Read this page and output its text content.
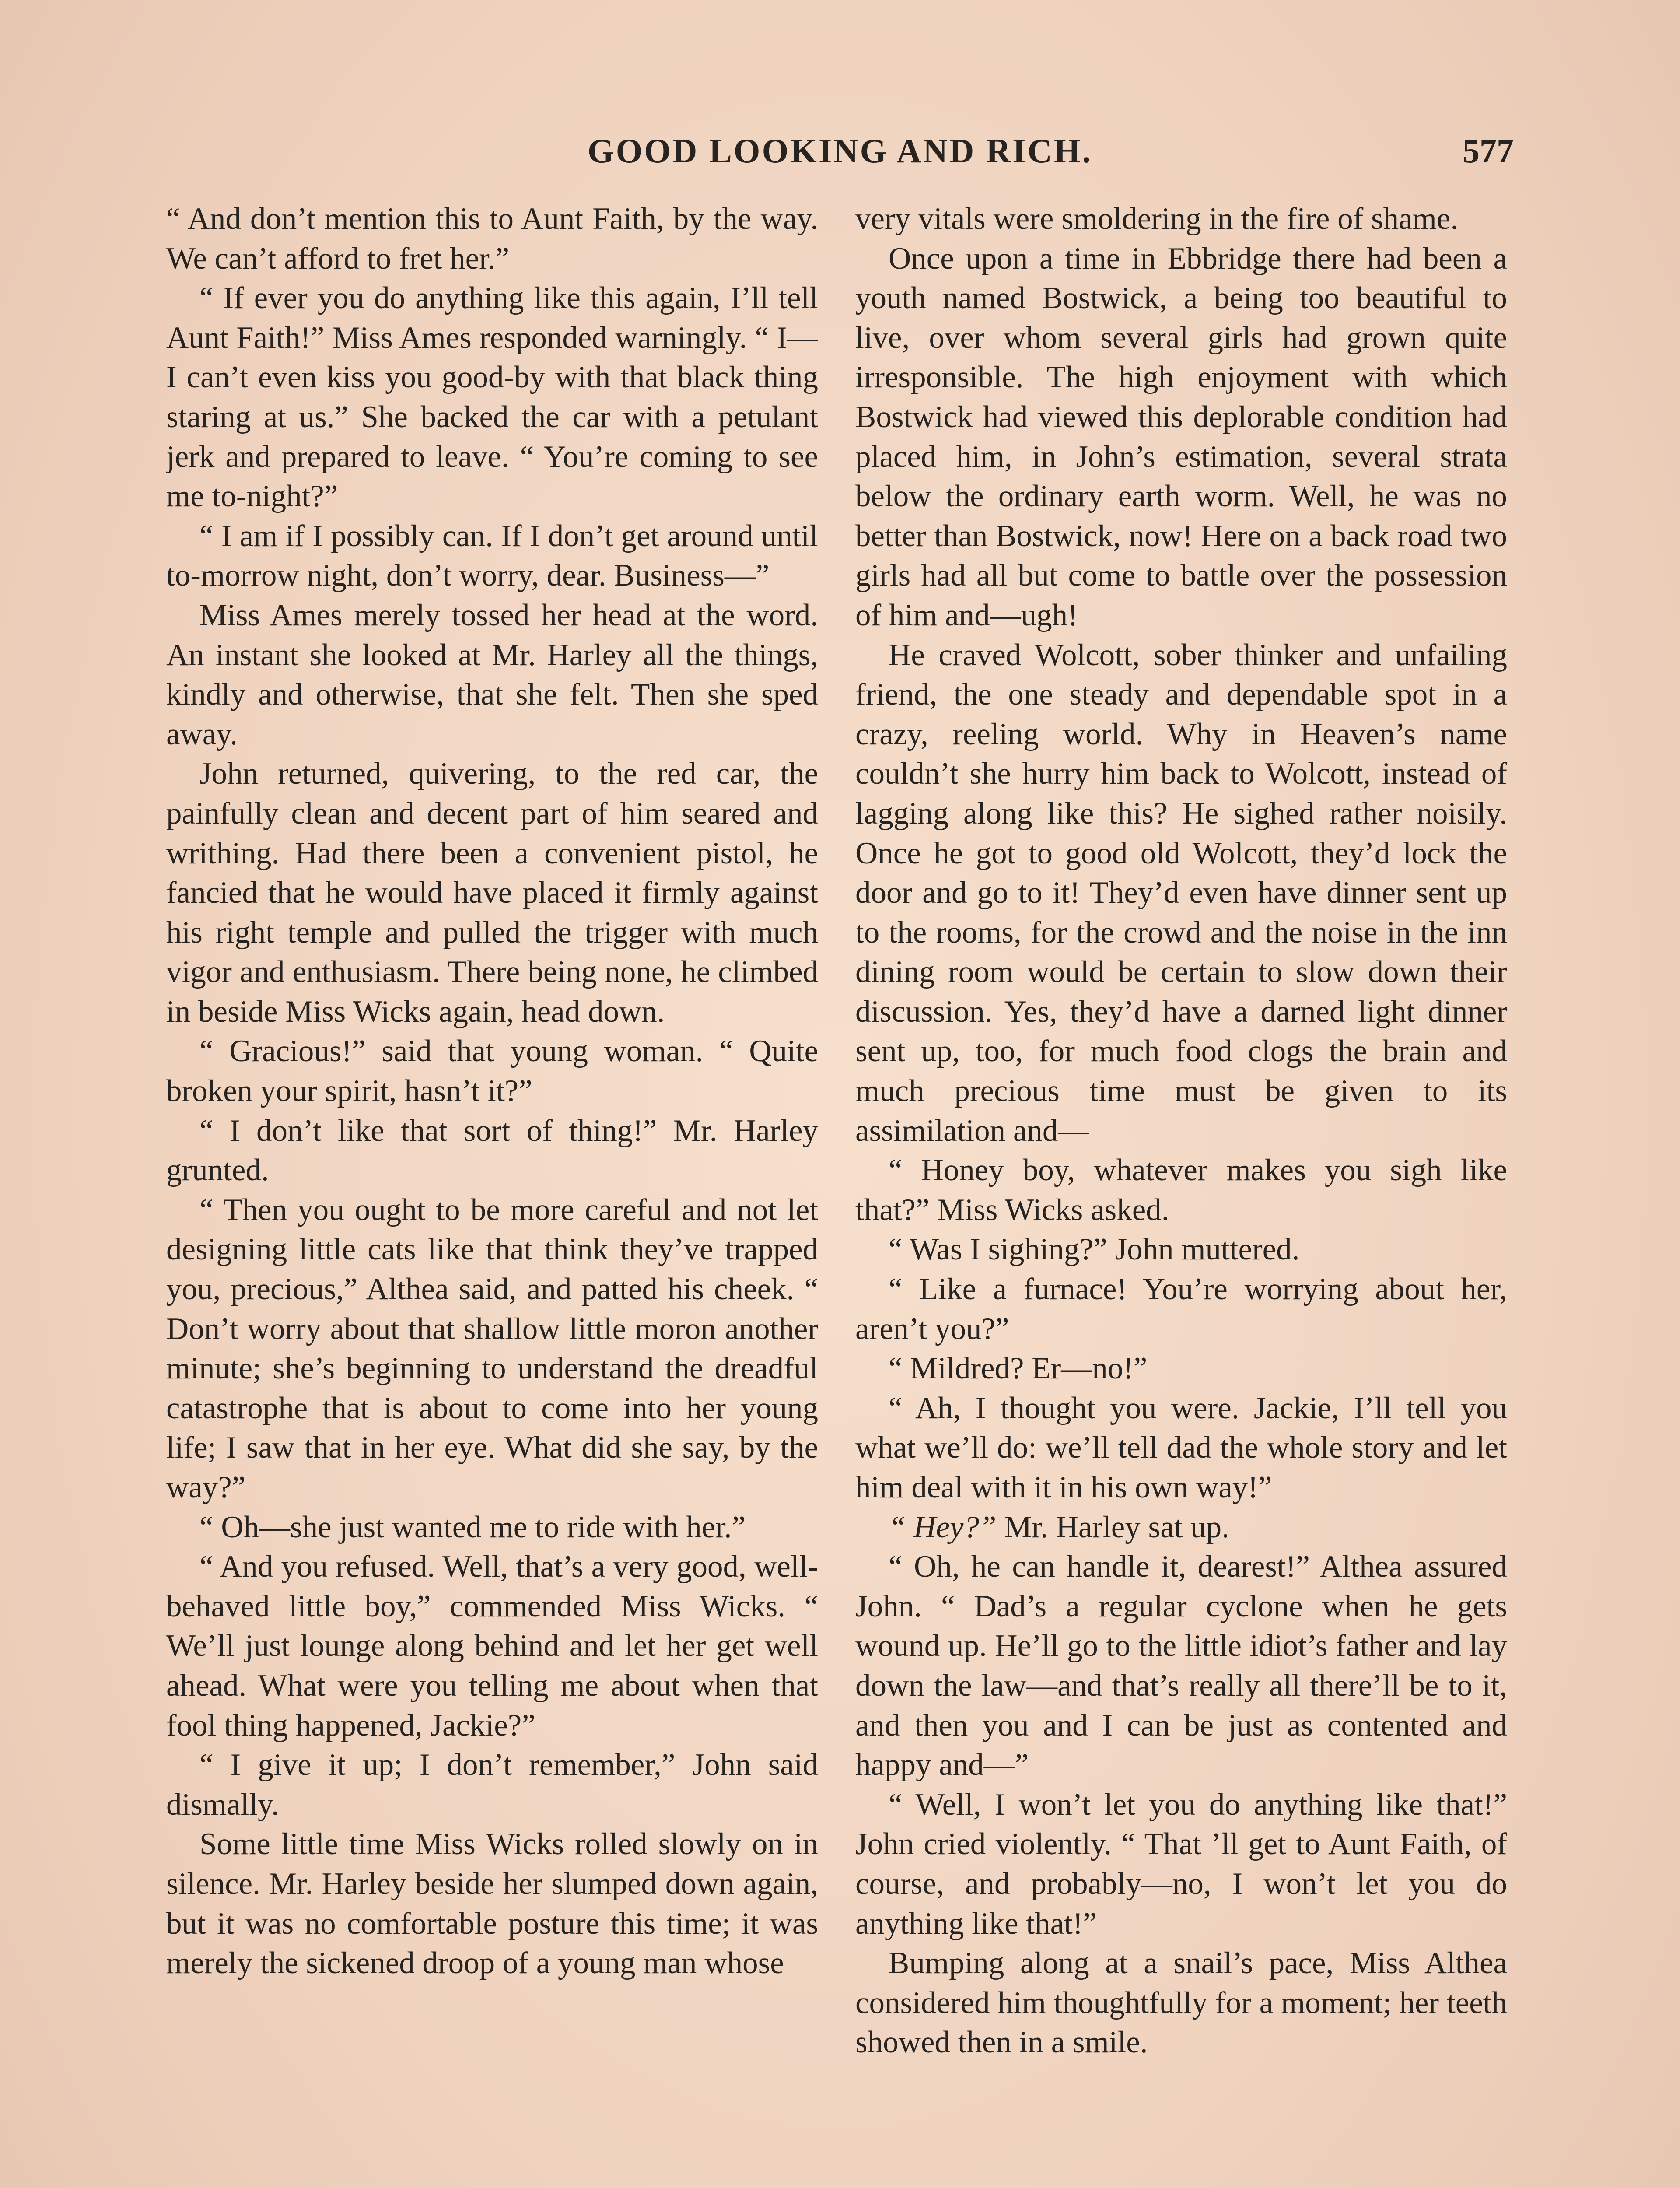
GOOD LOOKING AND RICH.	577

“ And don’t mention this to Aunt Faith, by the way. We can’t afford to fret her.”

“ If ever you do anything like this again, I’ll tell Aunt Faith!” Miss Ames responded warningly. “ I—I can’t even kiss you good-by with that black thing staring at us.” She backed the car with a petulant jerk and prepared to leave. “ You’re coming to see me to-night?”

“ I am if I possibly can. If I don’t get around until to-morrow night, don’t worry, dear. Business—”

Miss Ames merely tossed her head at the word. An instant she looked at Mr. Harley all the things, kindly and otherwise, that she felt. Then she sped away.

John returned, quivering, to the red car, the painfully clean and decent part of him seared and writhing. Had there been a convenient pistol, he fancied that he would have placed it firmly against his right temple and pulled the trigger with much vigor and enthusiasm. There being none, he climbed in beside Miss Wicks again, head down.

“ Gracious!” said that young woman. “ Quite broken your spirit, hasn’t it?”

“ I don’t like that sort of thing!” Mr. Harley grunted.

“ Then you ought to be more careful and not let designing little cats like that think they’ve trapped you, precious,” Althea said, and patted his cheek. “ Don’t worry about that shallow little moron another minute; she’s beginning to understand the dreadful catastrophe that is about to come into her young life; I saw that in her eye. What did she say, by the way?”

“ Oh—she just wanted me to ride with her.”

“ And you refused. Well, that’s a very good, well-behaved little boy,” commended Miss Wicks. “ We’ll just lounge along behind and let her get well ahead. What were you telling me about when that fool thing happened, Jackie?”

“ I give it up; I don’t remember,” John said dismally.

Some little time Miss Wicks rolled slowly on in silence. Mr. Harley beside her slumped down again, but it was no comfortable posture this time; it was merely the sickened droop of a young man whose

very vitals were smoldering in the fire of shame.

Once upon a time in Ebbridge there had been a youth named Bostwick, a being too beautiful to live, over whom several girls had grown quite irresponsible. The high enjoyment with which Bostwick had viewed this deplorable condition had placed him, in John’s estimation, several strata below the ordinary earth worm. Well, he was no better than Bostwick, now! Here on a back road two girls had all but come to battle over the possession of him and—ugh!

He craved Wolcott, sober thinker and unfailing friend, the one steady and dependable spot in a crazy, reeling world. Why in Heaven’s name couldn’t she hurry him back to Wolcott, instead of lagging along like this? He sighed rather noisily. Once he got to good old Wolcott, they’d lock the door and go to it! They’d even have dinner sent up to the rooms, for the crowd and the noise in the inn dining room would be certain to slow down their discussion. Yes, they’d have a darned light dinner sent up, too, for much food clogs the brain and much precious time must be given to its assimilation and—

“ Honey boy, whatever makes you sigh like that?” Miss Wicks asked.

“ Was I sighing?” John muttered.

“ Like a furnace! You’re worrying about her, aren’t you?”

“ Mildred? Er—no!”

“ Ah, I thought you were. Jackie, I’ll tell you what we’ll do: we’ll tell dad the whole story and let him deal with it in his own way!”

“ Hey?” Mr. Harley sat up.

“ Oh, he can handle it, dearest!” Althea assured John. “ Dad’s a regular cyclone when he gets wound up. He’ll go to the little idiot’s father and lay down the law—and that’s really all there’ll be to it, and then you and I can be just as contented and happy and—”

“ Well, I won’t let you do anything like that!” John cried violently. “ That ’ll get to Aunt Faith, of course, and probably—no, I won’t let you do anything like that!”

Bumping along at a snail’s pace, Miss Althea considered him thoughtfully for a moment; her teeth showed then in a smile.
